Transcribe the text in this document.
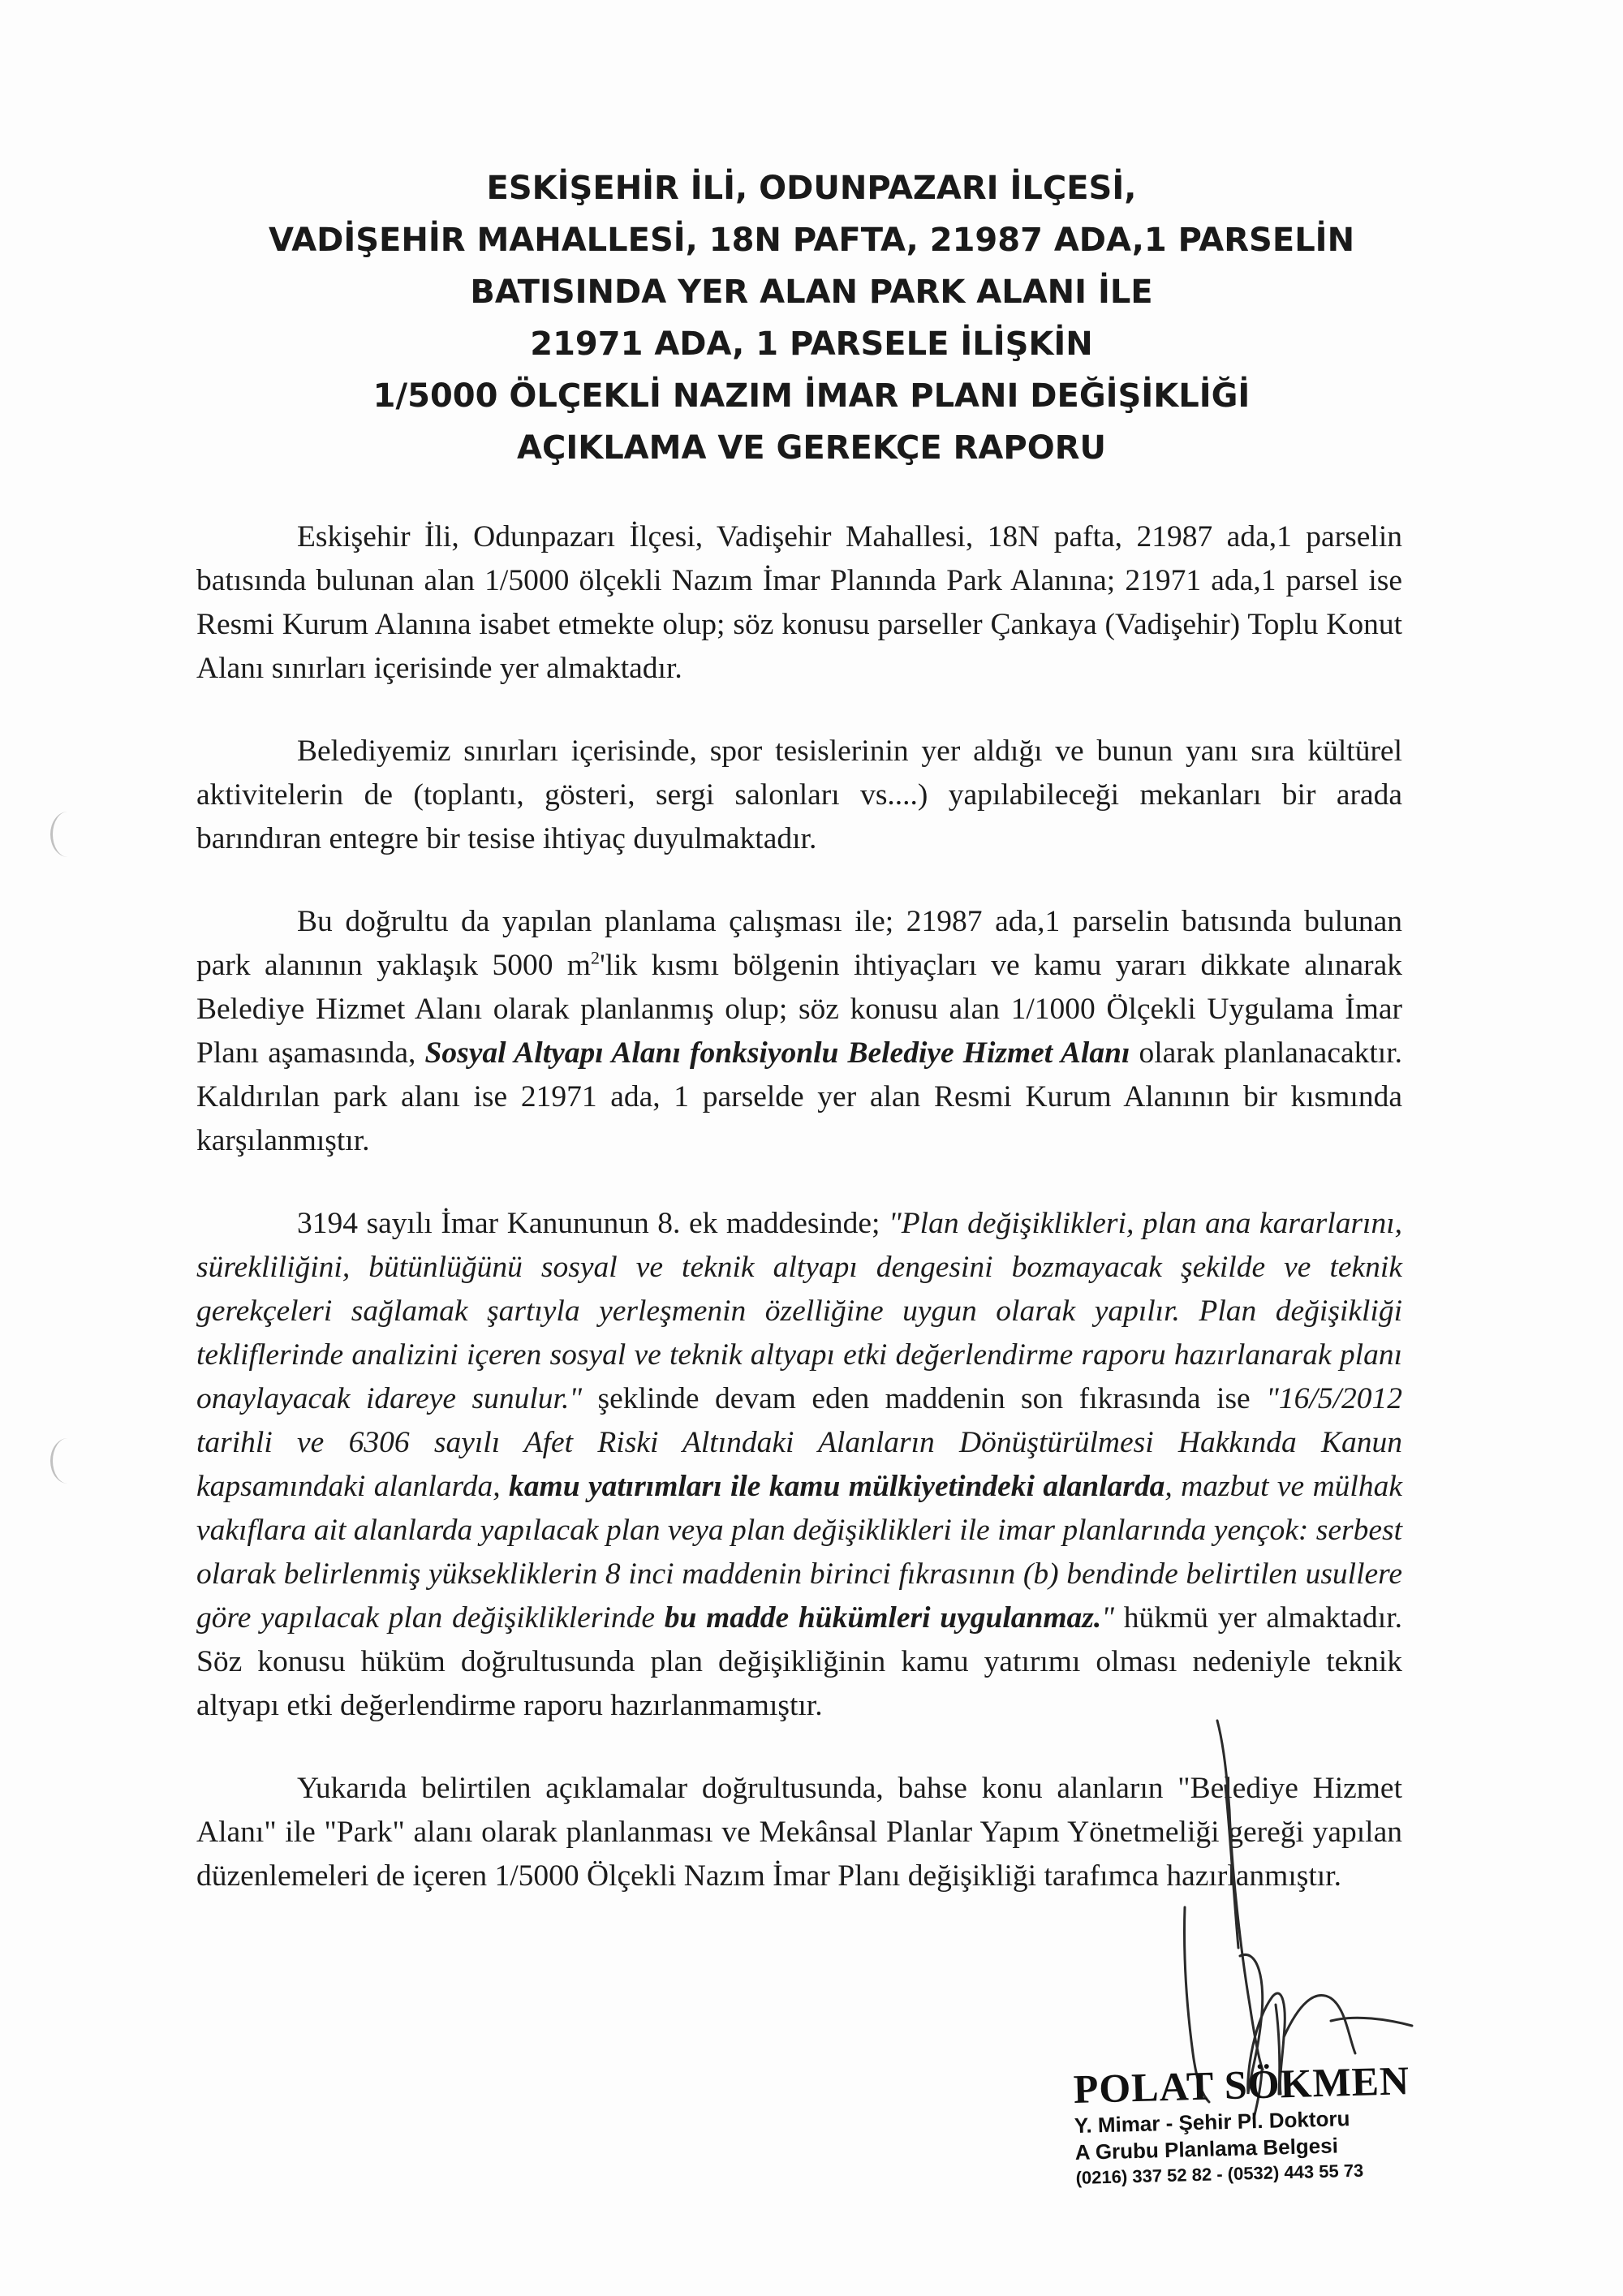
ESKİŞEHİR İLİ, ODUNPAZARI İLÇESİ,
VADİŞEHİR MAHALLESİ, 18N PAFTA, 21987 ADA,1 PARSELİN
BATISINDA YER ALAN PARK ALANI İLE
21971 ADA, 1 PARSELE İLİŞKİN
1/5000 ÖLÇEKLİ NAZIM İMAR PLANI DEĞİŞİKLİĞİ
AÇIKLAMA VE GEREKÇE RAPORU

Eskişehir İli, Odunpazarı İlçesi, Vadişehir Mahallesi, 18N pafta, 21987 ada,1 parselin batısında bulunan alan 1/5000 ölçekli Nazım İmar Planında Park Alanına; 21971 ada,1 parsel ise Resmi Kurum Alanına isabet etmekte olup; söz konusu parseller Çankaya (Vadişehir) Toplu Konut Alanı sınırları içerisinde yer almaktadır.

Belediyemiz sınırları içerisinde, spor tesislerinin yer aldığı ve bunun yanı sıra kültürel aktivitelerin de (toplantı, gösteri, sergi salonları vs....) yapılabileceği mekanları bir arada barındıran entegre bir tesise ihtiyaç duyulmaktadır.

Bu doğrultu da yapılan planlama çalışması ile; 21987 ada,1 parselin batısında bulunan park alanının yaklaşık 5000 $m^2'lik$ kısmı bölgenin ihtiyaçları ve kamu yararı dikkate alınarak Belediye Hizmet Alanı olarak planlanmış olup; söz konusu alan 1/1000 Ölçekli Uygulama İmar Planı aşamasında, Sosyal Altyapı Alanı fonksiyonlu Belediye Hizmet Alanı olarak planlanacaktır. Kaldırılan park alanı ise 21971 ada, 1 parselde yer alan Resmi Kurum Alanının bir kısmında karşılanmıştır.

3194 sayılı İmar Kanununun 8. ek maddesinde; "Plan değişiklikleri, plan ana kararlarını, sürekliliğini, bütünlüğünü sosyal ve teknik altyapı dengesini bozmayacak şekilde ve teknik gerekçeleri sağlamak şartıyla yerleşmenin özelliğine uygun olarak yapılır. Plan değişikliği tekliflerinde analizini içeren sosyal ve teknik altyapı etki değerlendirme raporu hazırlanarak planı onaylayacak idareye sunulur." şeklinde devam eden maddenin son fıkrasında ise "16/5/2012 tarihli ve 6306 sayılı Afet Riski Altındaki Alanların Dönüştürülmesi Hakkında Kanun kapsamındaki alanlarda, kamu yatırımları ile kamu mülkiyetindeki alanlarda, mazbut ve mülhak vakıflara ait alanlarda yapılacak plan veya plan değişiklikleri ile imar planlarında yençok: serbest olarak belirlenmiş yüksekliklerin 8 inci maddenin birinci fıkrasının (b) bendinde belirtilen usullere göre yapılacak plan değişikliklerinde bu madde hükümleri uygulanmaz." hükmü yer almaktadır. Söz konusu hüküm doğrultusunda plan değişikliğinin kamu yatırımı olması nedeniyle teknik altyapı etki değerlendirme raporu hazırlanmamıştır.

Yukarıda belirtilen açıklamalar doğrultusunda, bahse konu alanların "Belediye Hizmet Alanı" ile "Park" alanı olarak planlanması ve Mekânsal Planlar Yapım Yönetmeliği gereği yapılan düzenlemeleri de içeren 1/5000 Ölçekli Nazım İmar Planı değişikliği tarafımca hazırlanmıştır.

POLAT SÖKMEN
Y. Mimar - Şehir Pl. Doktoru
A Grubu Planlama Belgesi
(0216) 337 52 82 - (0532) 443 55 73
